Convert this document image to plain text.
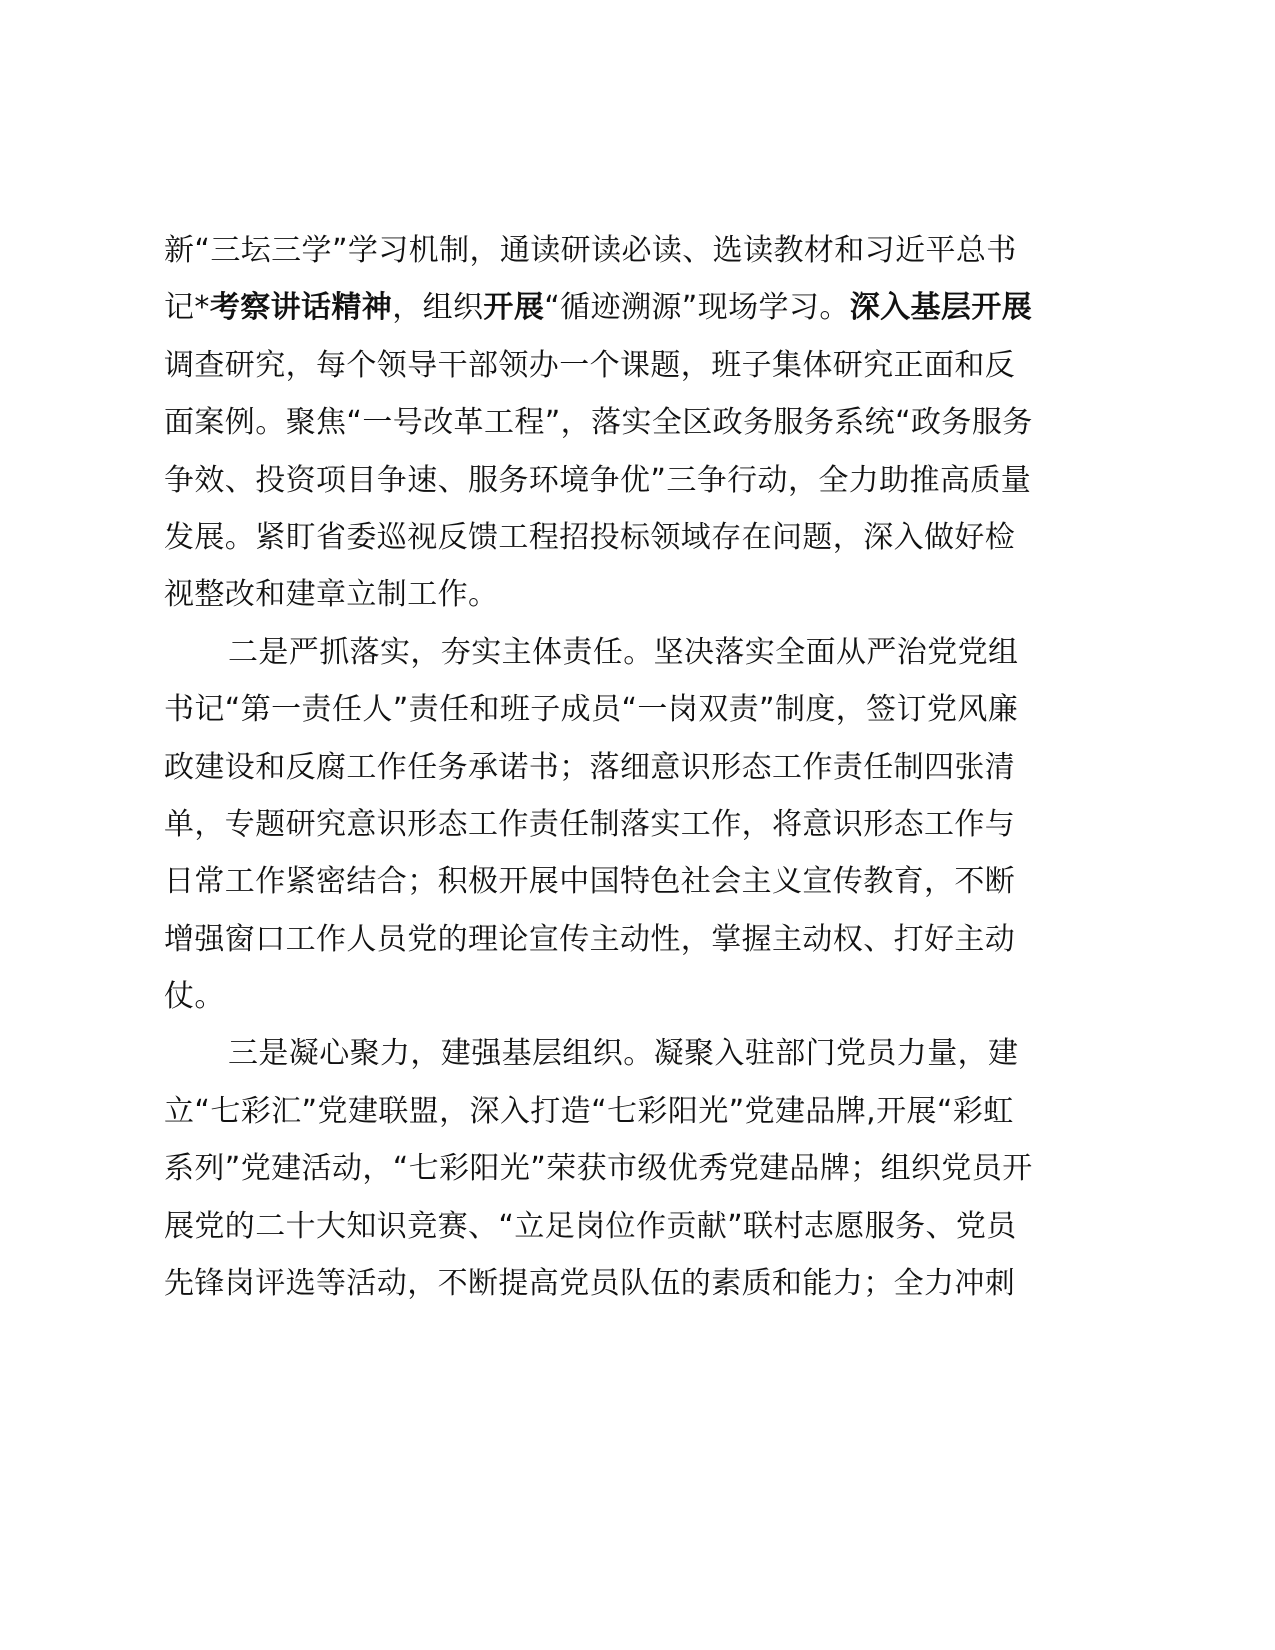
新“三坛三学”学习机制，通读研读必读、选读教材和习近平总书
记*考察讲话精神，组织开展“循迹溯源”现场学习。深入基层开展
调查研究，每个领导干部领办一个课题，班子集体研究正面和反
面案例。聚焦“一号改革工程”，落实全区政务服务系统“政务服务
争效、投资项目争速、服务环境争优”三争行动，全力助推高质量
发展。紧盯省委巡视反馈工程招投标领域存在问题，深入做好检
视整改和建章立制工作。
二是严抓落实，夯实主体责任。坚决落实全面从严治党党组
书记“第一责任人”责任和班子成员“一岗双责”制度，签订党风廉
政建设和反腐工作任务承诺书；落细意识形态工作责任制四张清
单，专题研究意识形态工作责任制落实工作，将意识形态工作与
日常工作紧密结合；积极开展中国特色社会主义宣传教育，不断
增强窗口工作人员党的理论宣传主动性，掌握主动权、打好主动
仗。
三是凝心聚力，建强基层组织。凝聚入驻部门党员力量，建
立“七彩汇”党建联盟，深入打造“七彩阳光”党建品牌,开展“彩虹
系列”党建活动，“七彩阳光”荣获市级优秀党建品牌；组织党员开
展党的二十大知识竞赛、“立足岗位作贡献”联村志愿服务、党员
先锋岗评选等活动，不断提高党员队伍的素质和能力；全力冲刺
